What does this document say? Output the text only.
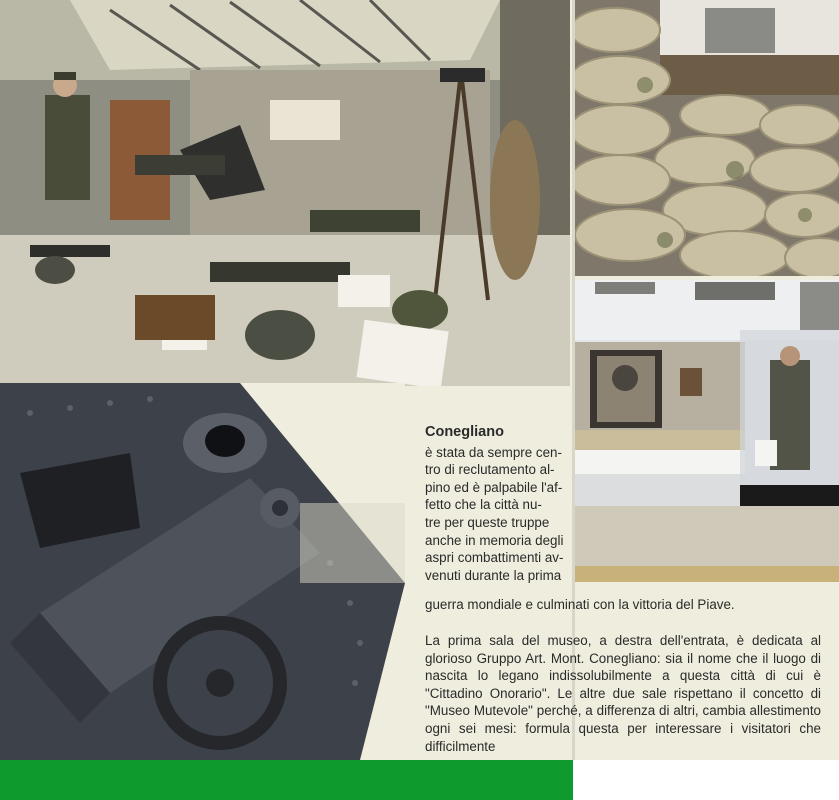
Conegliano
è stata da sempre cen-
tro di reclutamento al-
pino ed è palpabile l'af-
fetto che la città nu-
tre per queste truppe
anche in memoria degli
aspri combattimenti av-
venuti durante la prima
guerra mondiale e culminati con la vittoria del Piave.
La prima sala del museo, a destra dell'entrata, è dedicata al glorioso Gruppo Art. Mont. Conegliano: sia il nome che il luogo di nascita lo legano indissolubilmente a questa città di cui è "Cittadino Onorario". Le altre due sale rispettano il concetto di "Museo Mutevole" perché, a differenza di altri, cambia allestimento ogni sei mesi: formula questa per interessare i visitatori che difficilmente
